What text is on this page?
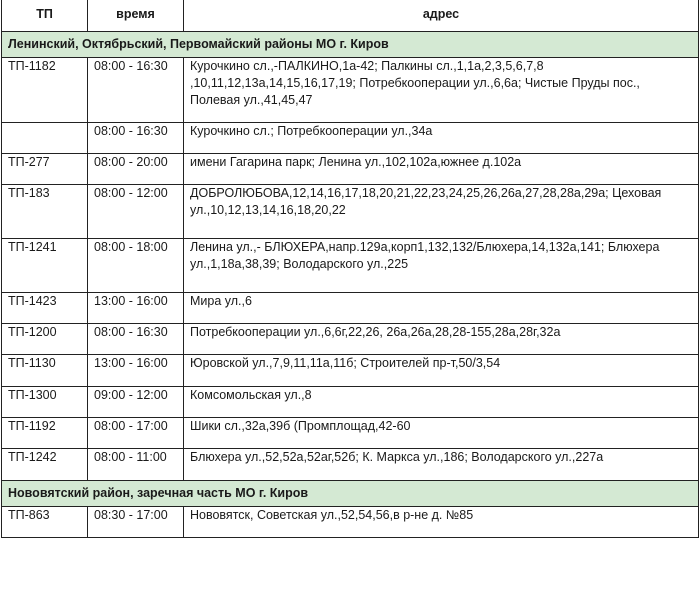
ТП	время	адрес
Ленинский, Октябрьский, Первомайский районы МО г. Киров		
ТП-1182	08:00 - 16:30	Курочкино сл.,-ПАЛКИНО,1а-42; Палкины сл.,1,1а,2,3,5,6,7,8 ,10,11,12,13а,14,15,16,17,19; Потребкооперации ул.,6,6а; Чистые Пруды пос., Полевая ул.,41,45,47
	08:00 - 16:30	Курочкино сл.; Потребкооперации ул.,34а
ТП-277	08:00 - 20:00	имени Гагарина парк; Ленина ул.,102,102а,южнее д.102а
ТП-183	08:00 - 12:00	ДОБРОЛЮБОВА,12,14,16,17,18,20,21,22,23,24,25,26,26а,27,28,28а,29а; Цеховая ул.,10,12,13,14,16,18,20,22
ТП-1241	08:00 - 18:00	Ленина ул.,- БЛЮХЕРА,напр.129а,корп1,132,132/Блюхера,14,132а,141; Блюхера ул.,1,18а,38,39; Володарского ул.,225
ТП-1423	13:00 - 16:00	Мира ул.,6
ТП-1200	08:00 - 16:30	Потребкооперации ул.,6,6г,22,26, 26а,26а,28,28-155,28а,28г,32а
ТП-1130	13:00 - 16:00	Юровской ул.,7,9,11,11а,11б; Строителей пр-т,50/3,54
ТП-1300	09:00 - 12:00	Комсомольская ул.,8
ТП-1192	08:00 - 17:00	Шики сл.,32а,39б (Промплощад,42-60
ТП-1242	08:00 - 11:00	Блюхера ул.,52,52а,52аг,52б; К. Маркса ул.,186; Володарского ул.,227а
Нововятский район, заречная часть МО г. Киров		
ТП-863	08:30 - 17:00	Нововятск, Советская ул.,52,54,56,в р-не д. №85
